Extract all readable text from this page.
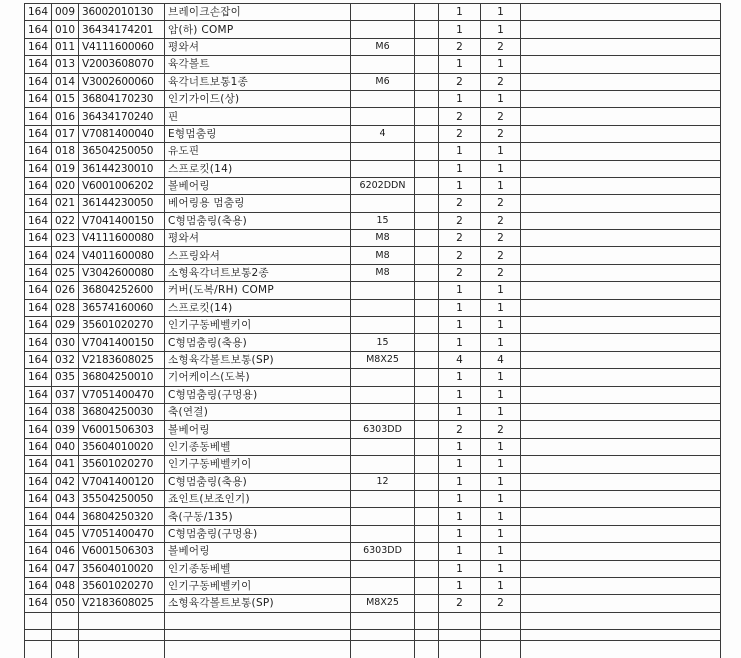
164	009	36002010130	브레이크손잡이			1	1	
164	010	36434174201	암(하) COMP			1	1	
164	011	V4111600060	평와셔	M6		2	2	
164	013	V2003608070	육각볼트			1	1	
164	014	V3002600060	육각너트보통1종	M6		2	2	
164	015	36804170230	인기가이드(상)			1	1	
164	016	36434170240	핀			2	2	
164	017	V7081400040	E형멈춤링	4		2	2	
164	018	36504250050	유도핀			1	1	
164	019	36144230010	스프로킷(14)			1	1	
164	020	V6001006202	볼베어링	6202DDN		1	1	
164	021	36144230050	베어링용 멈춤링			2	2	
164	022	V7041400150	C형멈춤링(축용)	15		2	2	
164	023	V4111600080	평와셔	M8		2	2	
164	024	V4011600080	스프링와셔	M8		2	2	
164	025	V3042600080	소형육각너트보통2종	M8		2	2	
164	026	36804252600	커버(도복/RH) COMP			1	1	
164	028	36574160060	스프로킷(14)			1	1	
164	029	35601020270	인기구동베벨키이			1	1	
164	030	V7041400150	C형멈춤링(축용)	15		1	1	
164	032	V2183608025	소형육각볼트보통(SP)	M8X25		4	4	
164	035	36804250010	기어케이스(도복)			1	1	
164	037	V7051400470	C형멈춤링(구멍용)			1	1	
164	038	36804250030	축(연결)			1	1	
164	039	V6001506303	볼베어링	6303DD		2	2	
164	040	35604010020	인기종동베벨			1	1	
164	041	35601020270	인기구동베벨키이			1	1	
164	042	V7041400120	C형멈춤링(축용)	12		1	1	
164	043	35504250050	죠인트(보조인기)			1	1	
164	044	36804250320	축(구동/135)			1	1	
164	045	V7051400470	C형멈춤링(구멍용)			1	1	
164	046	V6001506303	볼베어링	6303DD		1	1	
164	047	35604010020	인기종동베벨			1	1	
164	048	35601020270	인기구동베벨키이			1	1	
164	050	V2183608025	소형육각볼트보통(SP)	M8X25		2	2	
